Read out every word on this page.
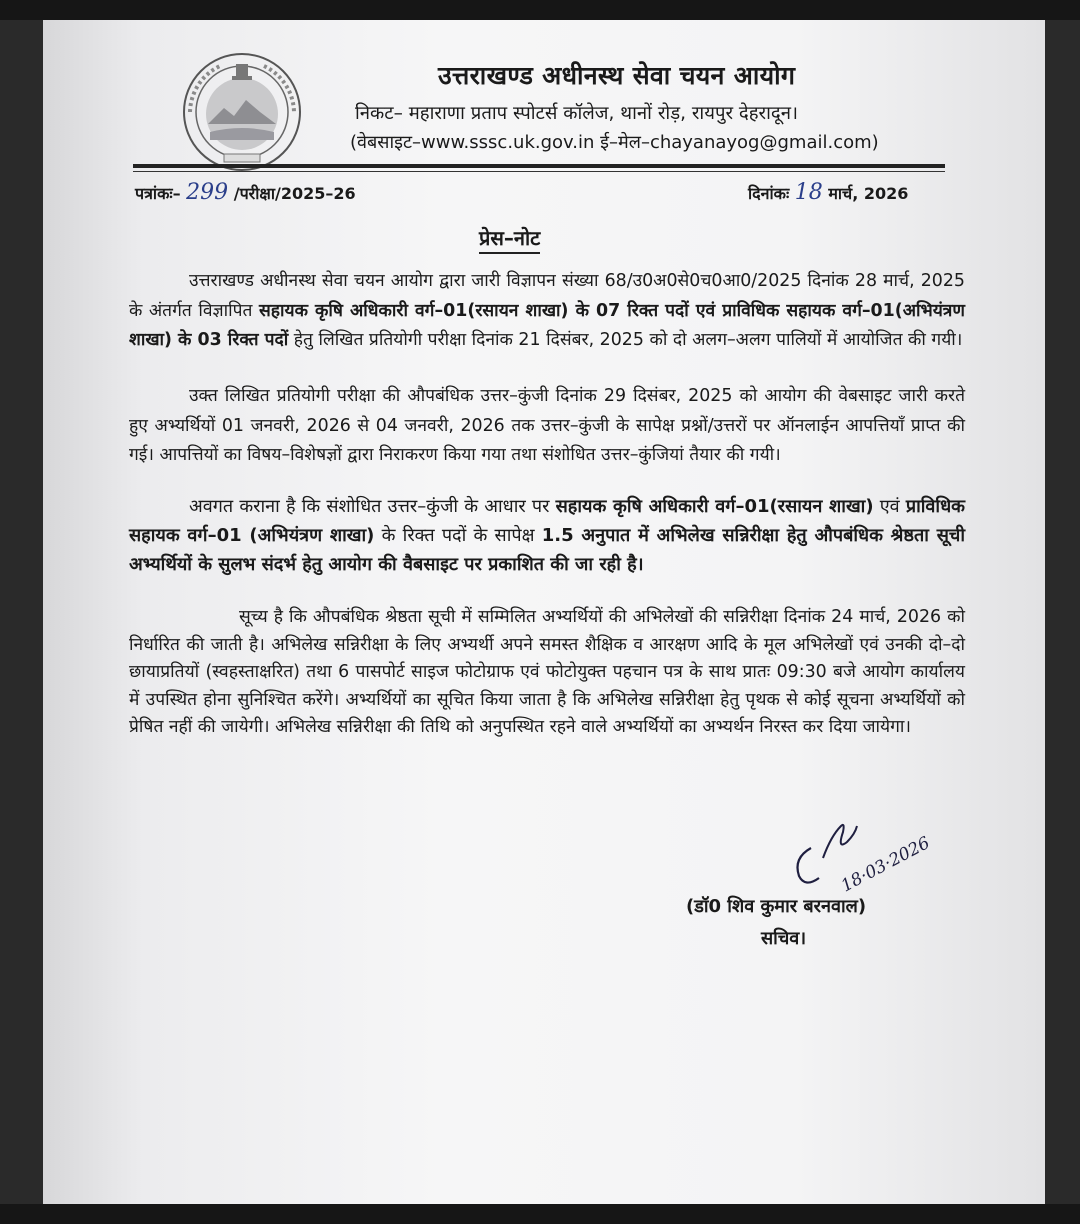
उत्तराखण्ड अधीनस्थ सेवा चयन आयोग
निकट– महाराणा प्रताप स्पोटर्स कॉलेज, थानों रोड़, रायपुर देहरादून।
(वेबसाइट–www.sssc.uk.gov.in ई–मेल–chayanayog@gmail.com)
पत्रांकः– 299 /परीक्षा/2025–26	दिनांकः 18 मार्च, 2026
प्रेस–नोट
उत्तराखण्ड अधीनस्थ सेवा चयन आयोग द्वारा जारी विज्ञापन संख्या 68/उ0अ0से0च0आ0/2025 दिनांक 28 मार्च, 2025 के अंतर्गत विज्ञापित सहायक कृषि अधिकारी वर्ग–01(रसायन शाखा) के 07 रिक्त पदों एवं प्राविधिक सहायक वर्ग–01(अभियंत्रण शाखा) के 03 रिक्त पदों हेतु लिखित प्रतियोगी परीक्षा दिनांक 21 दिसंबर, 2025 को दो अलग–अलग पालियों में आयोजित की गयी।
उक्त लिखित प्रतियोगी परीक्षा की औपबंधिक उत्तर–कुंजी दिनांक 29 दिसंबर, 2025 को आयोग की वेबसाइट जारी करते हुए अभ्यर्थियों 01 जनवरी, 2026 से 04 जनवरी, 2026 तक उत्तर–कुंजी के सापेक्ष प्रश्नों/उत्तरों पर ऑनलाईन आपत्तियाँ प्राप्त की गई। आपत्तियों का विषय–विशेषज्ञों द्वारा निराकरण किया गया तथा संशोधित उत्तर–कुंजियां तैयार की गयी।
अवगत कराना है कि संशोधित उत्तर–कुंजी के आधार पर सहायक कृषि अधिकारी वर्ग–01(रसायन शाखा) एवं प्राविधिक सहायक वर्ग–01 (अभियंत्रण शाखा) के रिक्त पदों के सापेक्ष 1.5 अनुपात में अभिलेख सन्निरीक्षा हेतु औपबंधिक श्रेष्ठता सूची अभ्यर्थियों के सुलभ संदर्भ हेतु आयोग की वैबसाइट पर प्रकाशित की जा रही है।
सूच्य है कि औपबंधिक श्रेष्ठता सूची में सम्मिलित अभ्यर्थियों की अभिलेखों की सन्निरीक्षा दिनांक 24 मार्च, 2026 को निर्धारित की जाती है। अभिलेख सन्निरीक्षा के लिए अभ्यर्थी अपने समस्त शैक्षिक व आरक्षण आदि के मूल अभिलेखों एवं उनकी दो–दो छायाप्रतियों (स्वहस्ताक्षरित) तथा 6 पासपोर्ट साइज फोटोग्राफ एवं फोटोयुक्त पहचान पत्र के साथ प्रातः 09:30 बजे आयोग कार्यालय में उपस्थित होना सुनिश्चित करेंगे। अभ्यर्थियों का सूचित किया जाता है कि अभिलेख सन्निरीक्षा हेतु पृथक से कोई सूचना अभ्यर्थियों को प्रेषित नहीं की जायेगी। अभिलेख सन्निरीक्षा की तिथि को अनुपस्थित रहने वाले अभ्यर्थियों का अभ्यर्थन निरस्त कर दिया जायेगा।
18·03·2026
(डॉ0 शिव कुमार बरनवाल)
सचिव।
